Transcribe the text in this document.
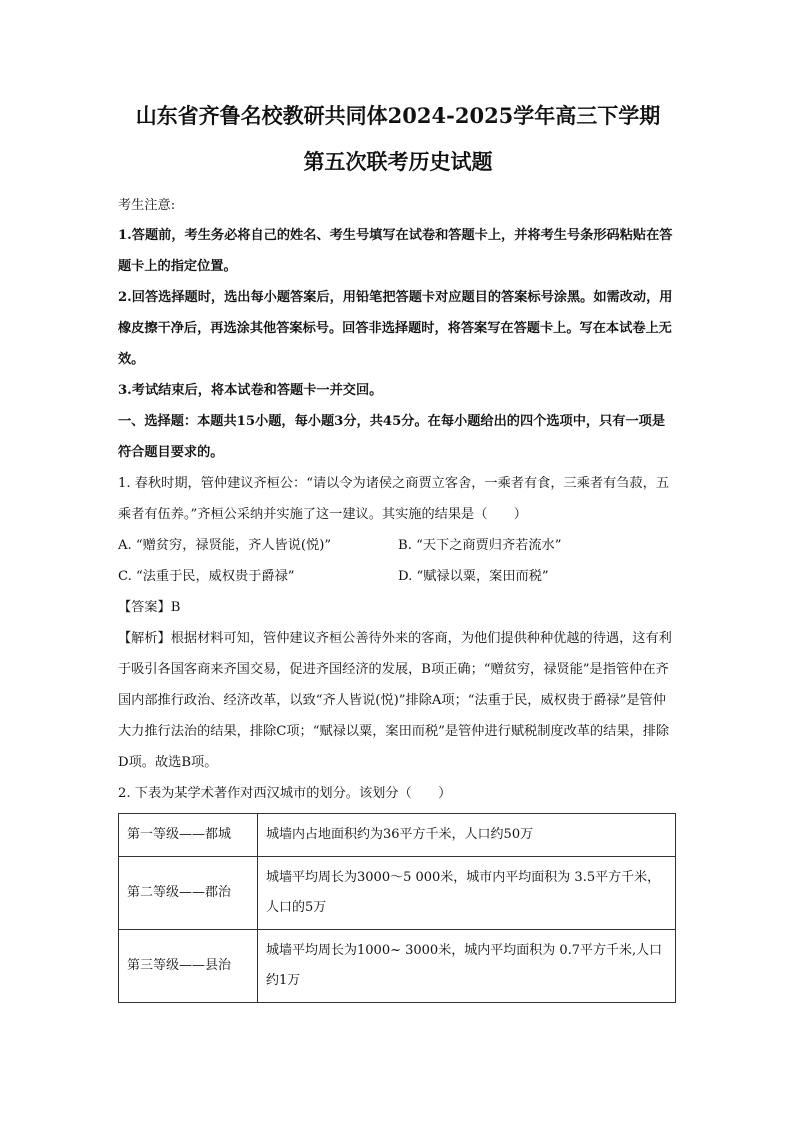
山东省齐鲁名校教研共同体2024-2025学年高三下学期
第五次联考历史试题

考生注意:

1.答题前，考生务必将自己的姓名、考生号填写在试卷和答题卡上，并将考生号条形码粘贴在答题卡上的指定位置。

2.回答选择题时，选出每小题答案后，用铅笔把答题卡对应题目的答案标号涂黑。如需改动，用橡皮擦干净后，再选涂其他答案标号。回答非选择题时，将答案写在答题卡上。写在本试卷上无效。

3.考试结束后，将本试卷和答题卡一并交回。

一、选择题：本题共15小题，每小题3分，共45分。在每小题给出的四个选项中，只有一项是符合题目要求的。

1. 春秋时期，管仲建议齐桓公：“请以令为诸侯之商贾立客舍，一乘者有食，三乘者有刍菽，五乘者有伍养。”齐桓公采纳并实施了这一建议。其实施的结果是（　　）

A. “赠贫穷，禄贤能，齐人皆说(悦)”	B. “天下之商贾归齐若流水”
C. “法重于民，威权贵于爵禄”	D. “赋禄以粟，案田而税”

【答案】B

【解析】根据材料可知，管仲建议齐桓公善待外来的客商，为他们提供种种优越的待遇，这有利于吸引各国客商来齐国交易，促进齐国经济的发展，B项正确；“赠贫穷，禄贤能”是指管仲在齐国内部推行政治、经济改革，以致“齐人皆说(悦)”排除A项；“法重于民，威权贵于爵禄”是管仲大力推行法治的结果，排除C项；“赋禄以粟，案田而税”是管仲进行赋税制度改革的结果，排除D项。故选B项。

2. 下表为某学术著作对西汉城市的划分。该划分（　　）

第一等级——都城	城墙内占地面积约为36平方千米，人口约50万
第二等级——郡治	城墙平均周长为3000～5 000米，城市内平均面积为 3.5平方千米，人口的5万
第三等级——县治	城墙平均周长为1000~ 3000米，城内平均面积为 0.7平方千米,人口约1万
